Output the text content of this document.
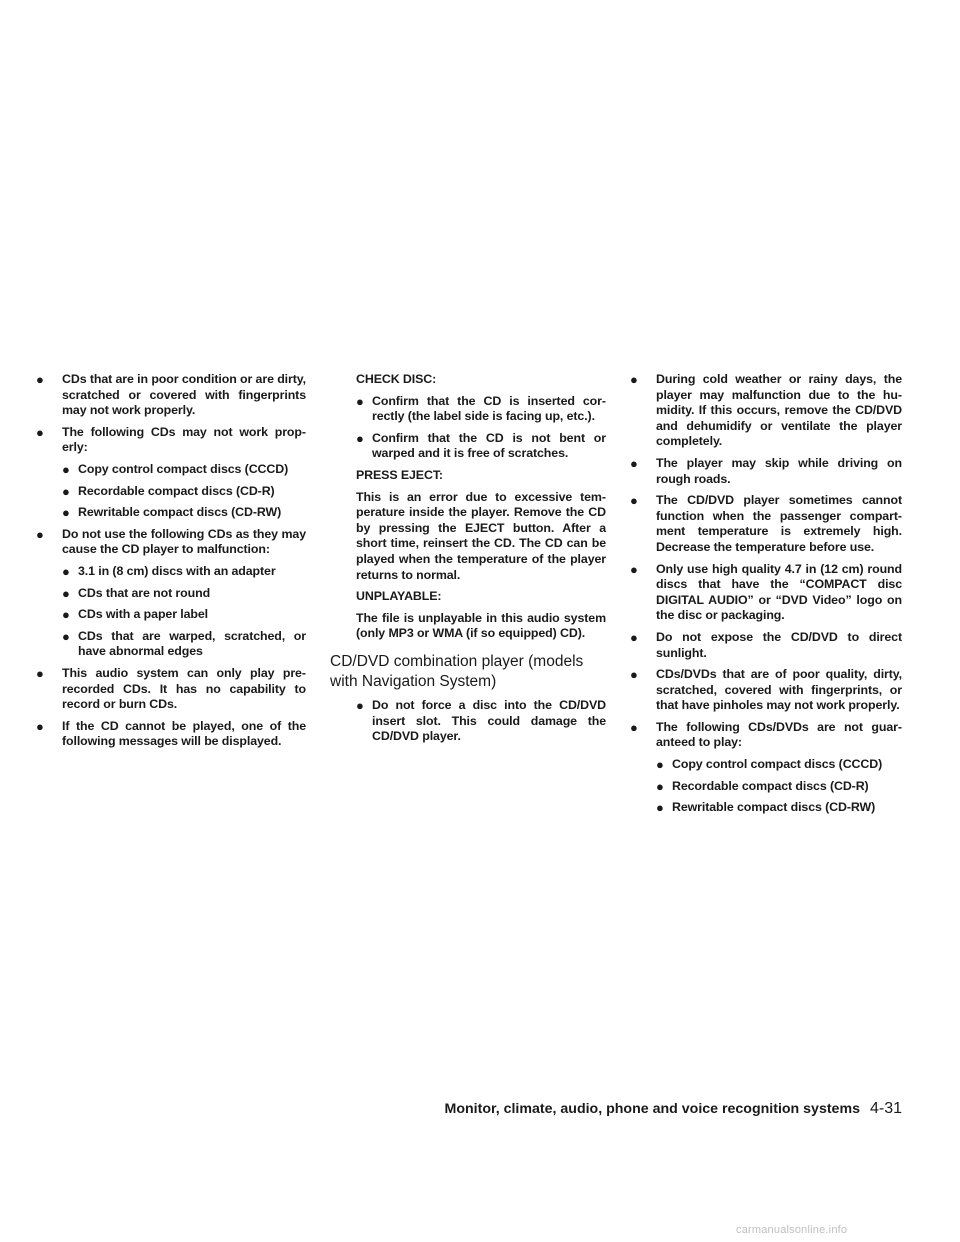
● CDs that are in poor condition or are dirty, scratched or covered with fingerprints may not work properly.
● The following CDs may not work properly:
● Copy control compact discs (CCCD)
● Recordable compact discs (CD-R)
● Rewritable compact discs (CD-RW)
● Do not use the following CDs as they may cause the CD player to malfunction:
● 3.1 in (8 cm) discs with an adapter
● CDs that are not round
● CDs with a paper label
● CDs that are warped, scratched, or have abnormal edges
● This audio system can only play prerecorded CDs. It has no capability to record or burn CDs.
● If the CD cannot be played, one of the following messages will be displayed.
CHECK DISC:
● Confirm that the CD is inserted correctly (the label side is facing up, etc.).
● Confirm that the CD is not bent or warped and it is free of scratches.
PRESS EJECT:
This is an error due to excessive temperature inside the player. Remove the CD by pressing the EJECT button. After a short time, reinsert the CD. The CD can be played when the temperature of the player returns to normal.
UNPLAYABLE:
The file is unplayable in this audio system (only MP3 or WMA (if so equipped) CD).
CD/DVD combination player (models with Navigation System)
● Do not force a disc into the CD/DVD insert slot. This could damage the CD/DVD player.
● During cold weather or rainy days, the player may malfunction due to the humidity. If this occurs, remove the CD/DVD and dehumidify or ventilate the player completely.
● The player may skip while driving on rough roads.
● The CD/DVD player sometimes cannot function when the passenger compartment temperature is extremely high. Decrease the temperature before use.
● Only use high quality 4.7 in (12 cm) round discs that have the “COMPACT disc DIGITAL AUDIO” or “DVD Video” logo on the disc or packaging.
● Do not expose the CD/DVD to direct sunlight.
● CDs/DVDs that are of poor quality, dirty, scratched, covered with fingerprints, or that have pinholes may not work properly.
● The following CDs/DVDs are not guaranteed to play:
● Copy control compact discs (CCCD)
● Recordable compact discs (CD-R)
● Rewritable compact discs (CD-RW)
Monitor, climate, audio, phone and voice recognition systems 4-31
carmanualsonline.info
